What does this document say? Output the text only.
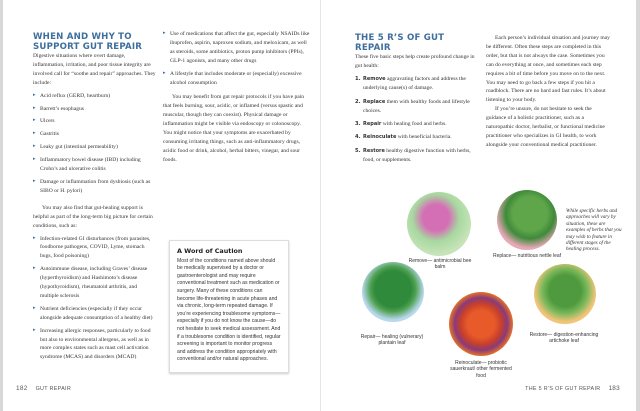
WHEN AND WHY TO SUPPORT GUT REPAIR

Digestive situations where overt damage, inflammation, irritation, and poor tissue integrity are involved call for “soothe and repair” approaches. They include:

▸ Acid reflux (GERD, heartburn)
▸ Barrett’s esophagus
▸ Ulcers
▸ Gastritis
▸ Leaky gut (intestinal permeability)
▸ Inflammatory bowel disease (IBD) including Crohn’s and ulcerative colitis
▸ Damage or inflammation from dysbiosis (such as SIBO or H. pylori)

You may also find that gut-healing support is helpful as part of the long-term big picture for certain conditions, such as:

▸ Infection-related GI disturbances (from parasites, foodborne pathogens, COVID, Lyme, stomach bugs, food poisoning)
▸ Autoimmune disease, including Graves’ disease (hyperthyroidism) and Hashimoto’s disease (hypothyroidism), rheumatoid arthritis, and multiple sclerosis
▸ Nutrient deficiencies (especially if they occur alongside adequate consumption of a healthy diet)
▸ Increasing allergic responses, particularly to food but also to environmental allergens, as well as in more complex states such as mast cell activation syndrome (MCAS) and disorders (MCAD)
▸ Use of medications that affect the gut, especially NSAIDs like ibuprofen, aspirin, naproxen sodium, and meloxicam, as well as steroids, some antibiotics, proton pump inhibitors (PPIs), GLP-1 agonists, and many other drugs
▸ A lifestyle that includes moderate or (especially) excessive alcohol consumption

You may benefit from gut repair protocols if you have pain that feels burning, sour, acidic, or inflamed (versus spastic and muscular, though they can coexist). Physical damage or inflammation might be visible via endoscopy or colonoscopy. You might notice that your symptoms are exacerbated by consuming irritating things, such as anti-inflammatory drugs, acidic food or drink, alcohol, herbal bitters, vinegar, and sour foods.

A Word of Caution

Most of the conditions named above should be medically supervised by a doctor or gastroenterologist and may require conventional treatment such as medication or surgery. Many of these conditions can become life-threatening in acute phases and via chronic, long-term repeated damage. If you’re experiencing troublesome symptoms—especially if you do not know the cause—do not hesitate to seek medical assessment. And if a troublesome condition is identified, regular screening is important to monitor progress and address the condition appropriately with conventional and/or natural approaches.

182 GUT REPAIR
THE 5 R’S OF GUT REPAIR

These five basic steps help create profound change in gut health:

1. Remove aggravating factors and address the underlying cause(s) of damage.
2. Replace them with healthy foods and lifestyle choices.
3. Repair with healing food and herbs.
4. Reinoculate with beneficial bacteria.
5. Restore healthy digestive function with herbs, food, or supplements.

Each person’s individual situation and journey may be different. Often these steps are completed in this order, but that is not always the case. Sometimes you can do everything at once, and sometimes each step requires a bit of time before you move on to the next. You may need to go back a few steps if you hit a roadblock. There are no hard and fast rules. It’s about listening to your body.

If you’re unsure, do not hesitate to seek the guidance of a holistic practitioner, such as a naturopathic doctor, herbalist, or functional medicine practitioner who specializes in GI health, to work alongside your conventional medical practitioner.

THE 5 R’S OF GUT REPAIR 183
Remove— antimicrobial bee balm
Replace— nutritious nettle leaf
While specific herbs and approaches will vary by situation, these are examples of herbs that you may wish to feature in different stages of the healing process.
Repair— healing (vulnerary) plantain leaf
Reinoculate— probiotic sauerkraut/ other fermented food
Restore— digestion-enhancing artichoke leaf
